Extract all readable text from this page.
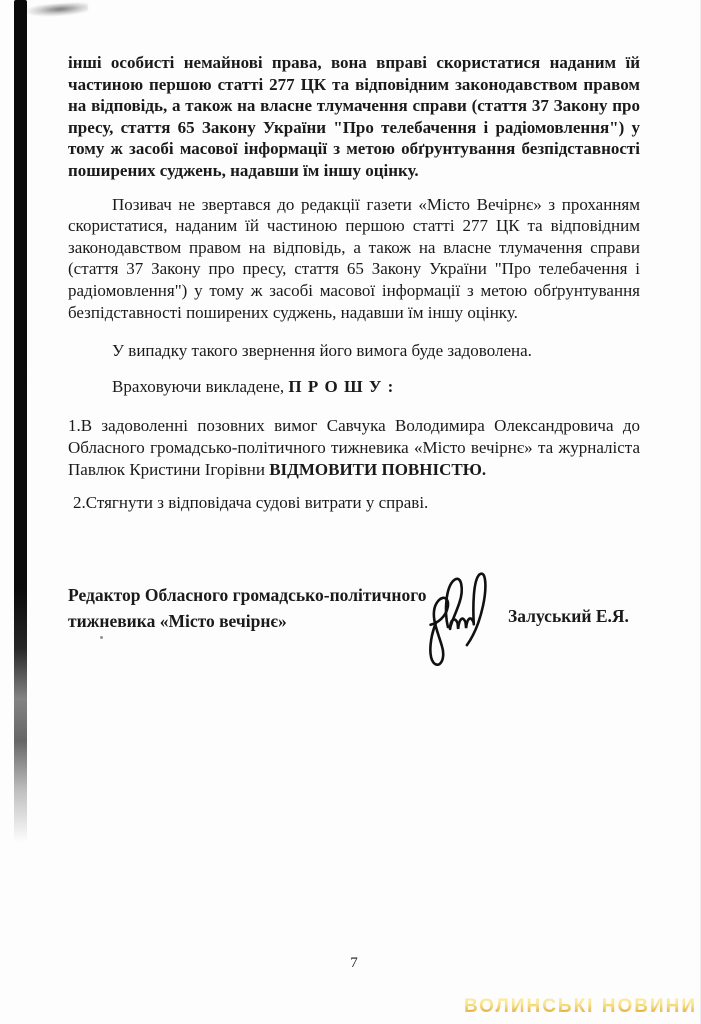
інші особисті немайнові права, вона вправі скористатися наданим їй частиною першою статті 277 ЦК та відповідним законодавством правом на відповідь, а також на власне тлумачення справи (стаття 37 Закону про пресу, стаття 65 Закону України "Про телебачення і радіомовлення") у тому ж засобі масової інформації з метою обґрунтування безпідставності поширених суджень, надавши їм іншу оцінку.

Позивач не звертався до редакції газети «Місто Вечірнє» з проханням скористатися, наданим їй частиною першою статті 277 ЦК та відповідним законодавством правом на відповідь, а також на власне тлумачення справи (стаття 37 Закону про пресу, стаття 65 Закону України "Про телебачення і радіомовлення") у тому ж засобі масової інформації з метою обґрунтування безпідставності поширених суджень, надавши їм іншу оцінку.

У випадку такого звернення його вимога буде задоволена.

Враховуючи викладене, П Р О Ш У :

1.В задоволенні позовних вимог Савчука Володимира Олександровича до Обласного громадсько-політичного тижневика «Місто вечірнє» та журналіста Павлюк Кристини Ігорівни ВІДМОВИТИ ПОВНІСТЮ.

2.Стягнути з відповідача судові витрати у справі.

Редактор Обласного громадсько-політичного
тижневика «Місто вечірнє»	Залуський Е.Я.
7
ВОЛИНСЬКІ НОВИНИ
